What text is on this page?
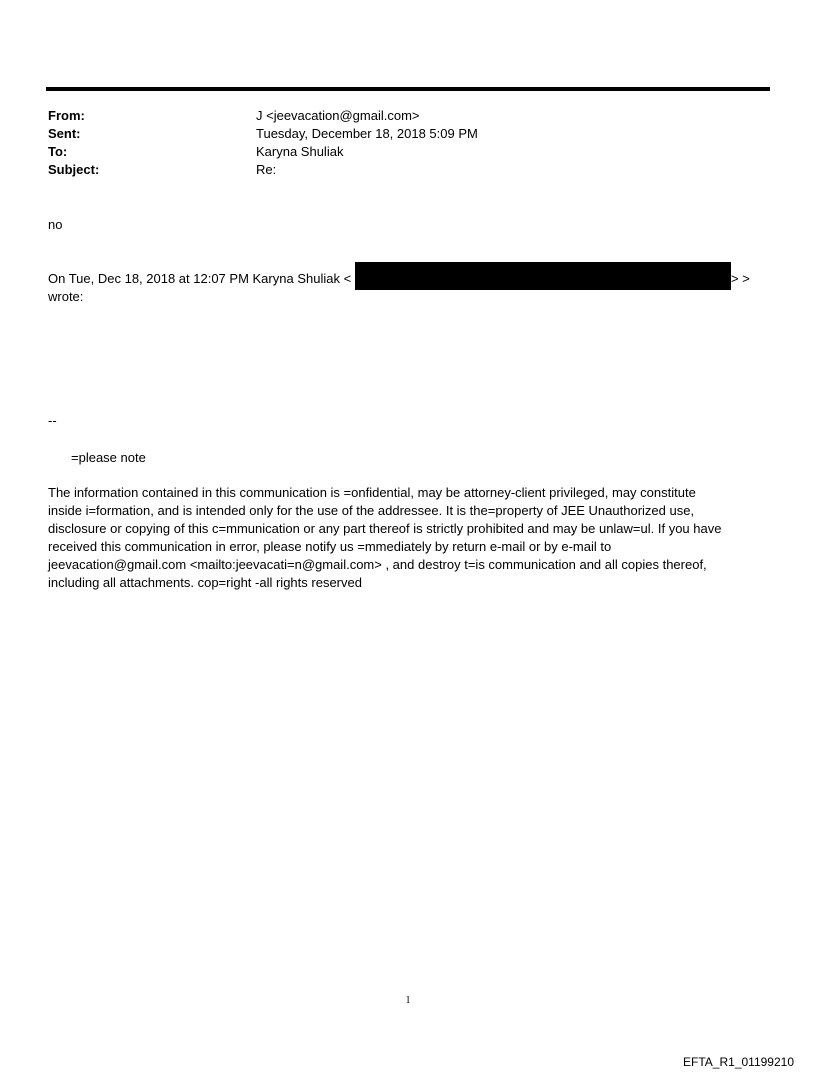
From:	J <jeevacation@gmail.com>
Sent:	Tuesday, December 18, 2018 5:09 PM
To:	Karyna Shuliak
Subject:	Re:
no
On Tue, Dec 18, 2018 at 12:07 PM Karyna Shuliak <	> >
wrote:
--
=please note
The information contained in this communication is =onfidential, may be attorney-client privileged, may constitute
inside i=formation, and is intended only for the use of the addressee. It is the=property of JEE Unauthorized use,
disclosure or copying of this c=mmunication or any part thereof is strictly prohibited and may be unlaw=ul. If you have
received this communication in error, please notify us =mmediately by return e-mail or by e-mail to
jeevacation@gmail.com <mailto:jeevacati=n@gmail.com> , and destroy t=is communication and all copies thereof,
including all attachments. cop=right -all rights reserved
1
EFTA_R1_01199210
